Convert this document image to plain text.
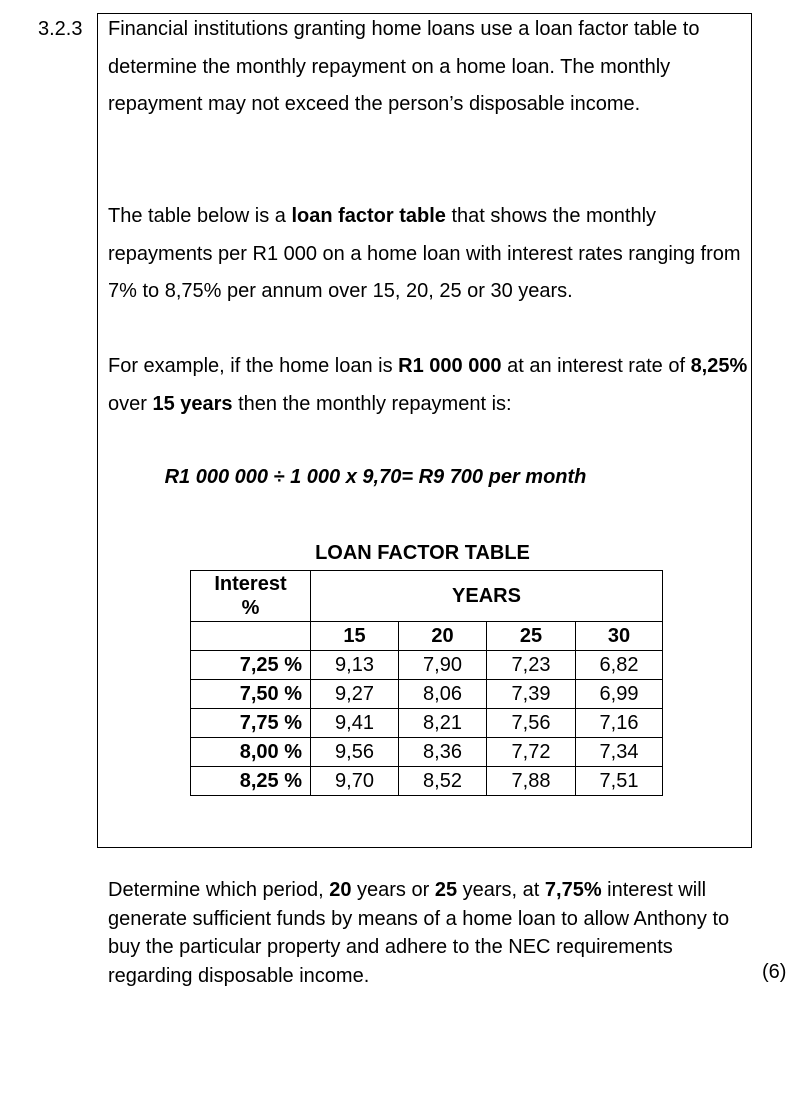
3.2.3 Financial institutions granting home loans use a loan factor table to determine the monthly repayment on a home loan. The monthly repayment may not exceed the person’s disposable income.

The table below is a loan factor table that shows the monthly repayments per R1 000 on a home loan with interest rates ranging from 7% to 8,75% per annum over 15, 20, 25 or 30 years.

For example, if the home loan is R1 000 000 at an interest rate of 8,25% over 15 years then the monthly repayment is:

R1 000 000 ÷ 1 000 x 9,70= R9 700 per month
LOAN FACTOR TABLE
Interest
%	YEARS			
	15	20	25	30
7,25 %	9,13	7,90	7,23	6,82
7,50 %	9,27	8,06	7,39	6,99
7,75 %	9,41	8,21	7,56	7,16
8,00 %	9,56	8,36	7,72	7,34
8,25 %	9,70	8,52	7,88	7,51

Determine which period, 20 years or 25 years, at 7,75% interest will generate sufficient funds by means of a home loan to allow Anthony to buy the particular property and adhere to the NEC requirements regarding disposable income.	(6)
